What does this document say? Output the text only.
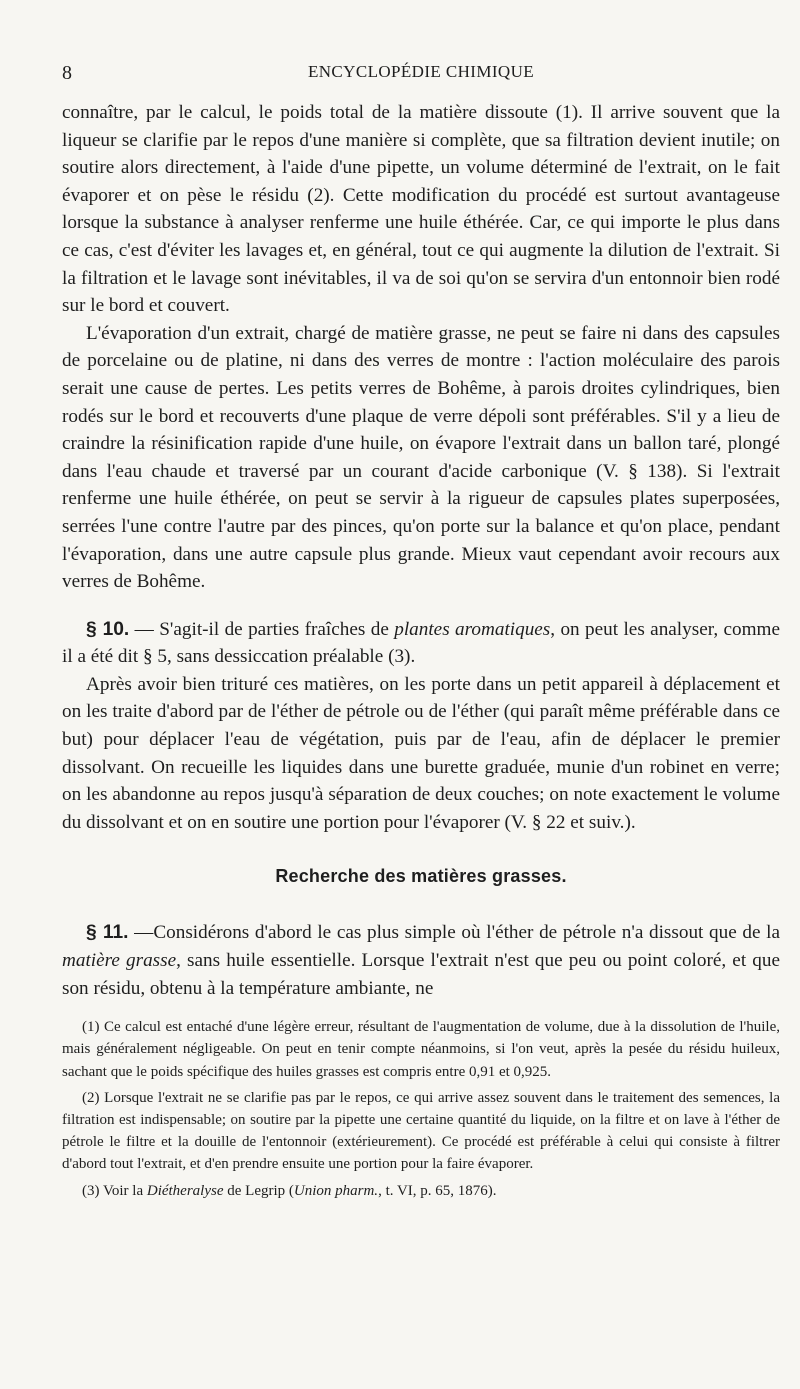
8	ENCYCLOPÉDIE CHIMIQUE

connaître, par le calcul, le poids total de la matière dissoute (1). Il arrive souvent que la liqueur se clarifie par le repos d'une manière si complète, que sa filtration devient inutile; on soutire alors directement, à l'aide d'une pipette, un volume déterminé de l'extrait, on le fait évaporer et on pèse le résidu (2). Cette modification du procédé est surtout avantageuse lorsque la substance à analyser renferme une huile éthérée. Car, ce qui importe le plus dans ce cas, c'est d'éviter les lavages et, en général, tout ce qui augmente la dilution de l'extrait. Si la filtration et le lavage sont inévitables, il va de soi qu'on se servira d'un entonnoir bien rodé sur le bord et couvert.

L'évaporation d'un extrait, chargé de matière grasse, ne peut se faire ni dans des capsules de porcelaine ou de platine, ni dans des verres de montre : l'action moléculaire des parois serait une cause de pertes. Les petits verres de Bohême, à parois droites cylindriques, bien rodés sur le bord et recouverts d'une plaque de verre dépoli sont préférables. S'il y a lieu de craindre la résinification rapide d'une huile, on évapore l'extrait dans un ballon taré, plongé dans l'eau chaude et traversé par un courant d'acide carbonique (V. § 138). Si l'extrait renferme une huile éthérée, on peut se servir à la rigueur de capsules plates superposées, serrées l'une contre l'autre par des pinces, qu'on porte sur la balance et qu'on place, pendant l'évaporation, dans une autre capsule plus grande. Mieux vaut cependant avoir recours aux verres de Bohême.

§ 10. — S'agit-il de parties fraîches de plantes aromatiques, on peut les analyser, comme il a été dit § 5, sans dessiccation préalable (3).

Après avoir bien trituré ces matières, on les porte dans un petit appareil à déplacement et on les traite d'abord par de l'éther de pétrole ou de l'éther (qui paraît même préférable dans ce but) pour déplacer l'eau de végétation, puis par de l'eau, afin de déplacer le premier dissolvant. On recueille les liquides dans une burette graduée, munie d'un robinet en verre; on les abandonne au repos jusqu'à séparation de deux couches; on note exactement le volume du dissolvant et on en soutire une portion pour l'évaporer (V. § 22 et suiv.).

Recherche des matières grasses.

§ 11. —Considérons d'abord le cas plus simple où l'éther de pétrole n'a dissout que de la matière grasse, sans huile essentielle. Lorsque l'extrait n'est que peu ou point coloré, et que son résidu, obtenu à la température ambiante, ne

(1) Ce calcul est entaché d'une légère erreur, résultant de l'augmentation de volume, due à la dissolution de l'huile, mais généralement négligeable. On peut en tenir compte néanmoins, si l'on veut, après la pesée du résidu huileux, sachant que le poids spécifique des huiles grasses est compris entre 0,91 et 0,925.

(2) Lorsque l'extrait ne se clarifie pas par le repos, ce qui arrive assez souvent dans le traitement des semences, la filtration est indispensable; on soutire par la pipette une certaine quantité du liquide, on la filtre et on lave à l'éther de pétrole le filtre et la douille de l'entonnoir (extérieurement). Ce procédé est préférable à celui qui consiste à filtrer d'abord tout l'extrait, et d'en prendre ensuite une portion pour la faire évaporer.

(3) Voir la Diétheralyse de Legrip (Union pharm., t. VI, p. 65, 1876).
